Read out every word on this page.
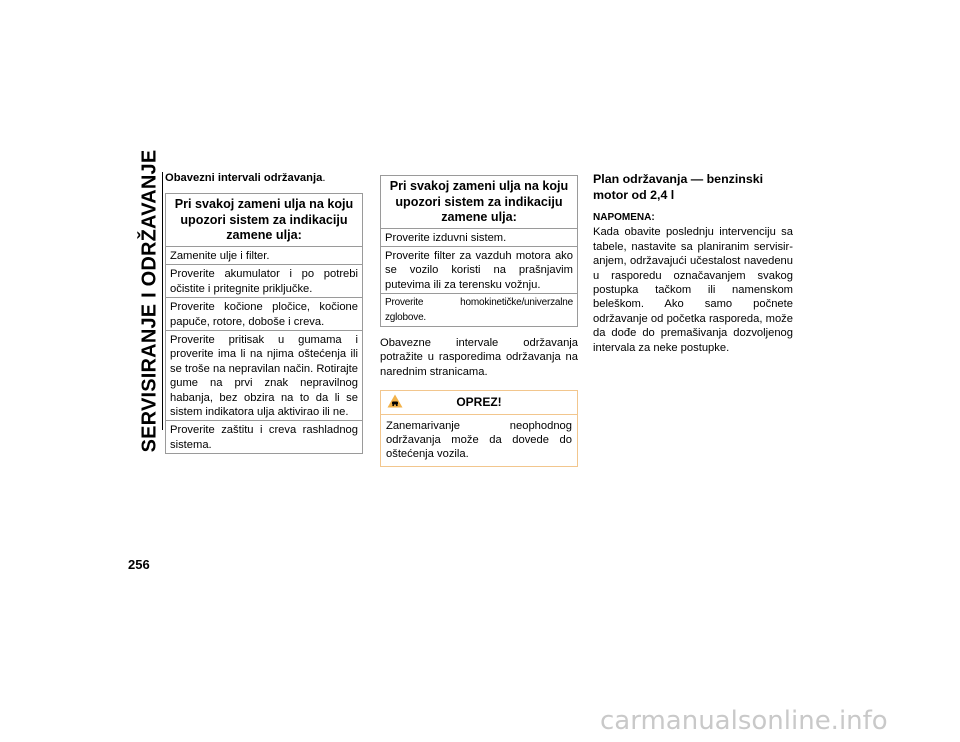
SERVISIRANJE I ODRŽAVANJE Obavezni intervali održavanja.
Pri svakoj zameni ulja na koju upozori sistem za indikaciju zamene ulja:
Zamenite ulje i filter.
Proverite akumulator i po potrebi očistite i pritegnite priključke.
Proverite kočione pločice, kočione papuče, rotore, doboše i creva.
Proverite pritisak u gumama i proverite ima li na njima oštećenja ili se troše na nepravilan način. Rotirajte gume na prvi znak nepravilnog habanja, bez obzira na to da li se sistem indikatora ulja aktivirao ili ne.
Proverite zaštitu i creva rashladnog sistema.
Pri svakoj zameni ulja na koju upozori sistem za indikaciju zamene ulja:
Proverite izduvni sistem.
Proverite filter za vazduh motora ako se vozilo koristi na prašnjavim putevima ili za terensku vožnju.
Proverite homokinetičke/univerzalne zglobove.

Obavezne intervale održavanja potražite u rasporedima održavanja na narednim stranicama.

OPREZ!
Zanemarivanje neophodnog održavanja može da dovede do oštećenja vozila.
Plan održavanja — benzinski motor od 2,4 l
NAPOMENA:
Kada obavite poslednju intervenciju sa tabele, nastavite sa planiranim servisir-anjem, održavajući učestalost navedenu u rasporedu označavanjem svakog postupka tačkom ili namenskom beleškom. Ako samo počnete održavanje od početka rasporeda, može da dođe do premašivanja dozvoljenog intervala za neke postupke.
256
carmanualsonline.info
